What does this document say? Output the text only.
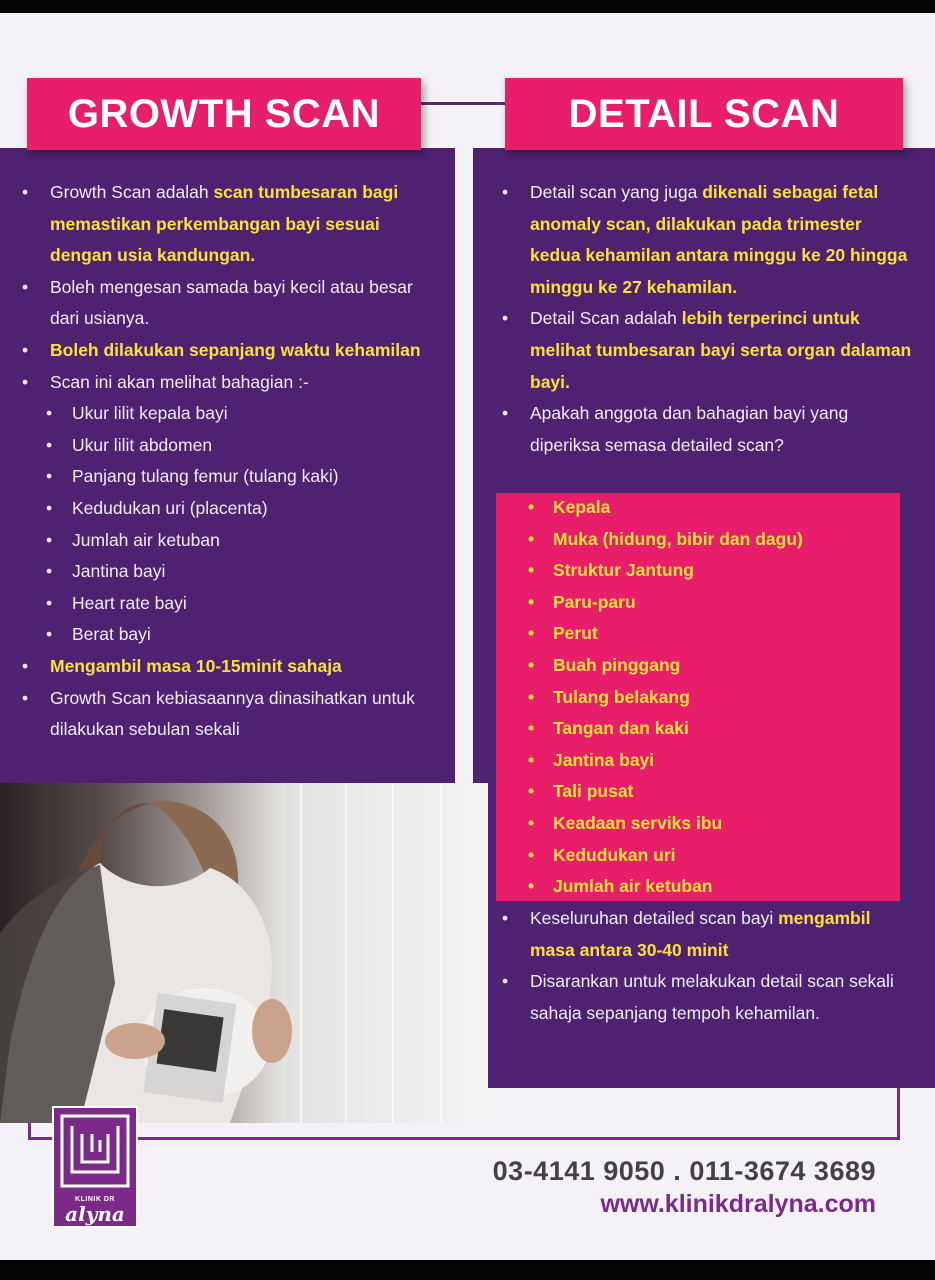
GROWTH SCAN	DETAIL SCAN
• Growth Scan adalah scan tumbesaran bagi memastikan perkembangan bayi sesuai dengan usia kandungan.
• Boleh mengesan samada bayi kecil atau besar dari usianya.
• Boleh dilakukan sepanjang waktu kehamilan
• Scan ini akan melihat bahagian :-
• Ukur lilit kepala bayi
• Ukur lilit abdomen
• Panjang tulang femur (tulang kaki)
• Kedudukan uri (placenta)
• Jumlah air ketuban
• Jantina bayi
• Heart rate bayi
• Berat bayi
• Mengambil masa 10-15minit sahaja
• Growth Scan kebiasaannya dinasihatkan untuk dilakukan sebulan sekali
• Detail scan yang juga dikenali sebagai fetal anomaly scan, dilakukan pada trimester kedua kehamilan antara minggu ke 20 hingga minggu ke 27 kehamilan.
• Detail Scan adalah lebih terperinci untuk melihat tumbesaran bayi serta organ dalaman bayi.
• Apakah anggota dan bahagian bayi yang diperiksa semasa detailed scan?
• Kepala
• Muka (hidung, bibir dan dagu)
• Struktur Jantung
• Paru-paru
• Perut
• Buah pinggang
• Tulang belakang
• Tangan dan kaki
• Jantina bayi
• Tali pusat
• Keadaan serviks ibu
• Kedudukan uri
• Jumlah air ketuban
• Keseluruhan detailed scan bayi mengambil masa antara 30-40 minit
• Disarankan untuk melakukan detail scan sekali sahaja sepanjang tempoh kehamilan.
KLINIK DR
alyna
03-4141 9050 . 011-3674 3689
www.klinikdralyna.com
